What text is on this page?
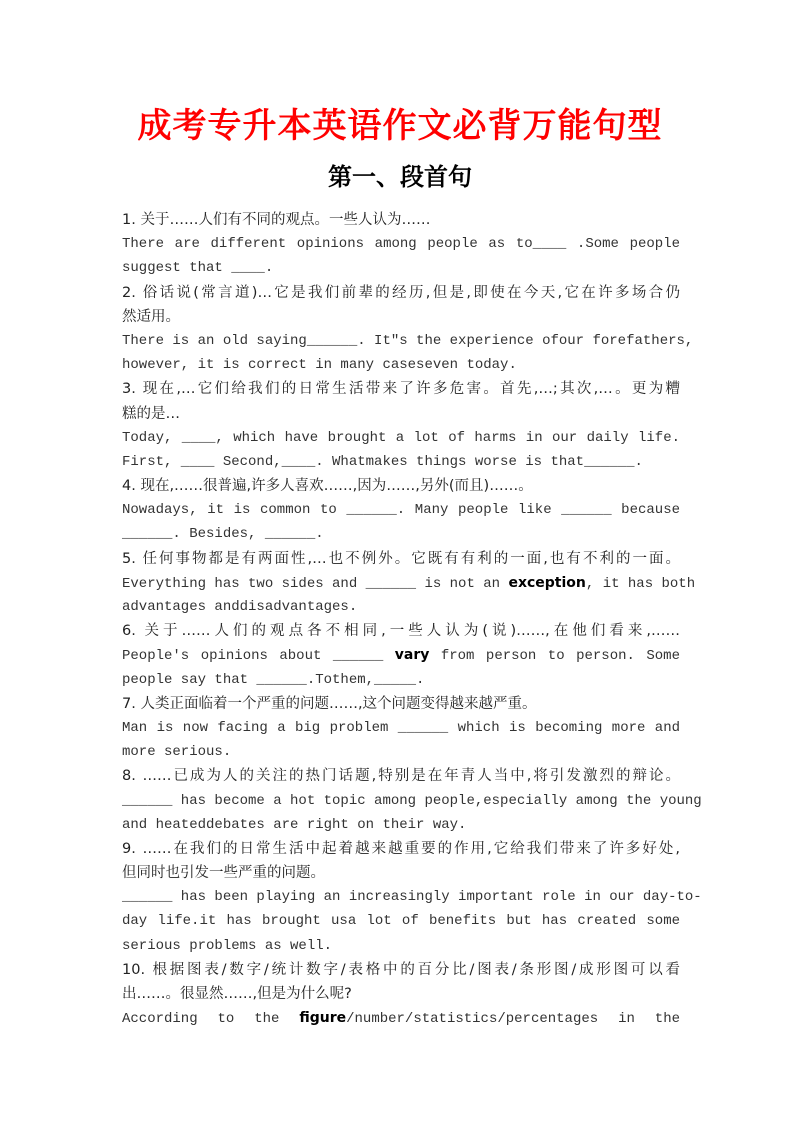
成考专升本英语作文必背万能句型
第一、段首句
1. 关于……人们有不同的观点。一些人认为……
There are different opinions among people as to____ .Some people
suggest that ____.
2. 俗话说(常言道)…它是我们前辈的经历,但是,即使在今天,它在许多场合仍
然适用。
There is an old saying______. It″s the experience ofour forefathers,
however, it is correct in many caseseven today.
3. 现在,…它们给我们的日常生活带来了许多危害。首先,…;其次,…。更为糟
糕的是…
Today, ____, which have brought a lot of harms in our daily life.
First, ____ Second,____. Whatmakes things worse is that______.
4. 现在,……很普遍,许多人喜欢……,因为……,另外(而且)……。
Nowadays, it is common to ______. Many people like ______ because
______. Besides, ______.
5. 任何事物都是有两面性,…也不例外。它既有有利的一面,也有不利的一面。
Everything has two sides and ______ is not an exception, it has both
advantages anddisadvantages.
6. 关于……人们的观点各不相同,一些人认为(说)……,在他们看来,……
People's opinions about ______ vary from person to person. Some
people say that ______.Tothem,_____.
7. 人类正面临着一个严重的问题……,这个问题变得越来越严重。
Man is now facing a big problem ______ which is becoming more and
more serious.
8. ……已成为人的关注的热门话题,特别是在年青人当中,将引发激烈的辩论。
______ has become a hot topic among people,especially among the young
and heateddebates are right on their way.
9. ……在我们的日常生活中起着越来越重要的作用,它给我们带来了许多好处,
但同时也引发一些严重的问题。
______ has been playing an increasingly important role in our day-to-
day life.it has brought usa lot of benefits but has created some
serious problems as well.
10. 根据图表/数字/统计数字/表格中的百分比/图表/条形图/成形图可以看
出……。很显然……,但是为什么呢?
According to the figure/number/statistics/percentages in the
